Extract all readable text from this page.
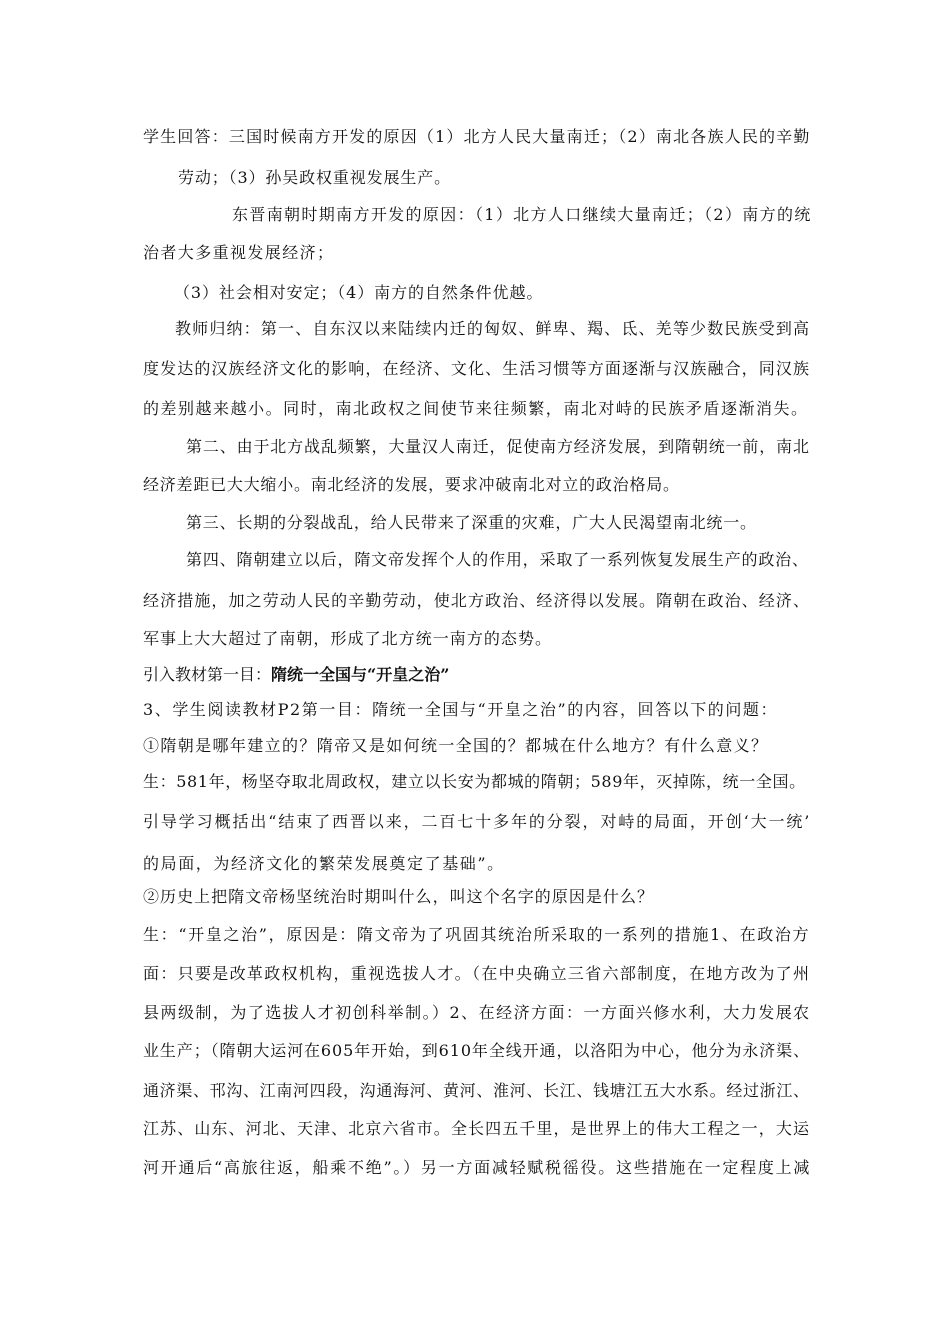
学生回答：三国时候南方开发的原因（1）北方人民大量南迁；（2）南北各族人民的辛勤
劳动；（3）孙吴政权重视发展生产。
东晋南朝时期南方开发的原因：（1）北方人口继续大量南迁；（2）南方的统
治者大多重视发展经济；
（3）社会相对安定；（4）南方的自然条件优越。
教师归纳：第一、自东汉以来陆续内迁的匈奴、鲜卑、羯、氐、羌等少数民族受到高
度发达的汉族经济文化的影响，在经济、文化、生活习惯等方面逐渐与汉族融合，同汉族
的差别越来越小。同时，南北政权之间使节来往频繁，南北对峙的民族矛盾逐渐消失。
第二、由于北方战乱频繁，大量汉人南迁，促使南方经济发展，到隋朝统一前，南北
经济差距已大大缩小。南北经济的发展，要求冲破南北对立的政治格局。
第三、长期的分裂战乱，给人民带来了深重的灾难，广大人民渴望南北统一。
第四、隋朝建立以后，隋文帝发挥个人的作用，采取了一系列恢复发展生产的政治、
经济措施，加之劳动人民的辛勤劳动，使北方政治、经济得以发展。隋朝在政治、经济、
军事上大大超过了南朝，形成了北方统一南方的态势。
引入教材第一目：隋统一全国与“开皇之治”
3、学生阅读教材P2第一目：隋统一全国与“开皇之治”的内容，回答以下的问题：
①隋朝是哪年建立的？隋帝又是如何统一全国的？都城在什么地方？有什么意义？
生：581年，杨坚夺取北周政权，建立以长安为都城的隋朝；589年，灭掉陈，统一全国。
引导学习概括出“结束了西晋以来，二百七十多年的分裂，对峙的局面，开创‘大一统’
的局面，为经济文化的繁荣发展奠定了基础”。
②历史上把隋文帝杨坚统治时期叫什么，叫这个名字的原因是什么？
生：“开皇之治”，原因是：隋文帝为了巩固其统治所采取的一系列的措施1、在政治方
面：只要是改革政权机构，重视选拔人才。（在中央确立三省六部制度，在地方改为了州
县两级制，为了选拔人才初创科举制。）2、在经济方面：一方面兴修水利，大力发展农
业生产；（隋朝大运河在605年开始，到610年全线开通，以洛阳为中心，他分为永济渠、
通济渠、邗沟、江南河四段，沟通海河、黄河、淮河、长江、钱塘江五大水系。经过浙江、
江苏、山东、河北、天津、北京六省市。全长四五千里，是世界上的伟大工程之一，大运
河开通后“高旅往返，船乘不绝”。）另一方面减轻赋税徭役。这些措施在一定程度上减
